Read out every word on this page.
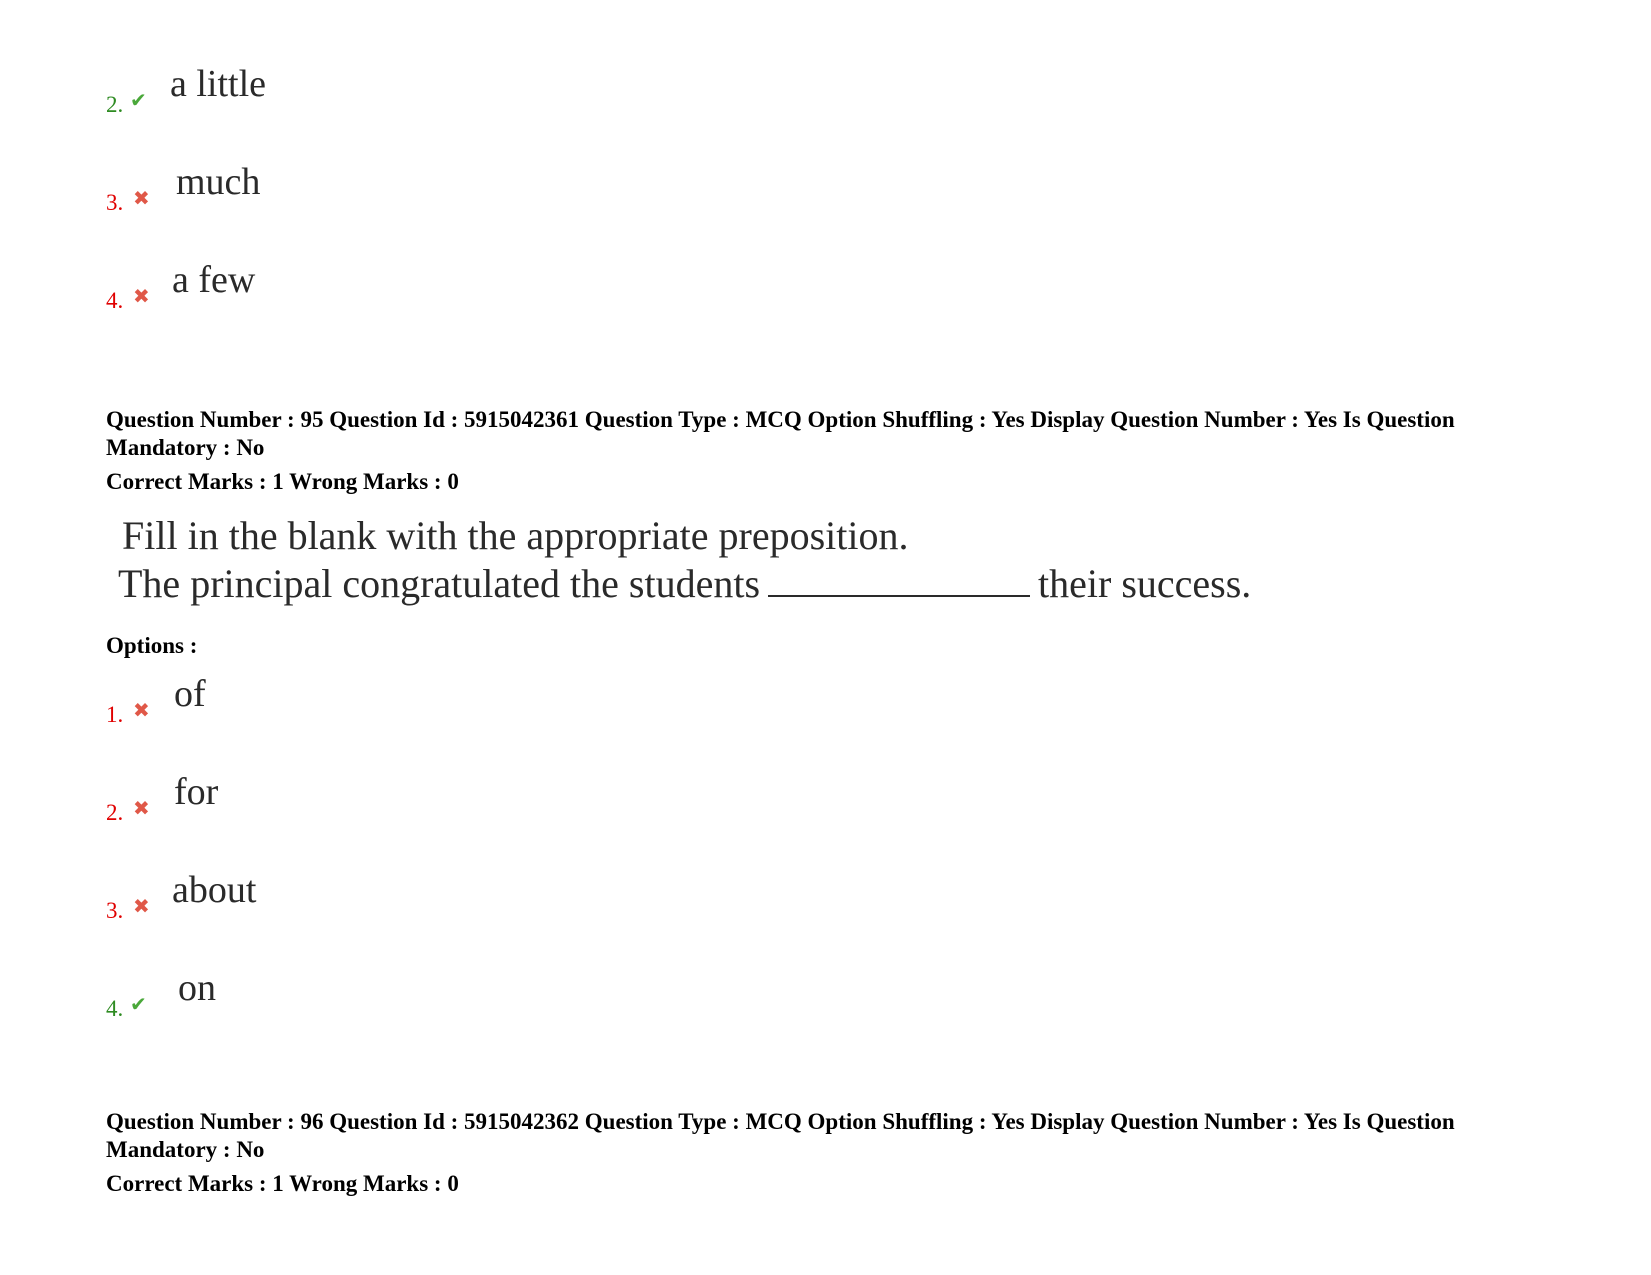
2. ✔ a little
3. ✖ much
4. ✖ a few
Question Number : 95 Question Id : 5915042361 Question Type : MCQ Option Shuffling : Yes Display Question Number : Yes Is Question Mandatory : No
Correct Marks : 1 Wrong Marks : 0
Fill in the blank with the appropriate preposition.
The principal congratulated the students	their success.
Options :
1. ✖ of
2. ✖ for
3. ✖ about
4. ✔ on
Question Number : 96 Question Id : 5915042362 Question Type : MCQ Option Shuffling : Yes Display Question Number : Yes Is Question Mandatory : No
Correct Marks : 1 Wrong Marks : 0
